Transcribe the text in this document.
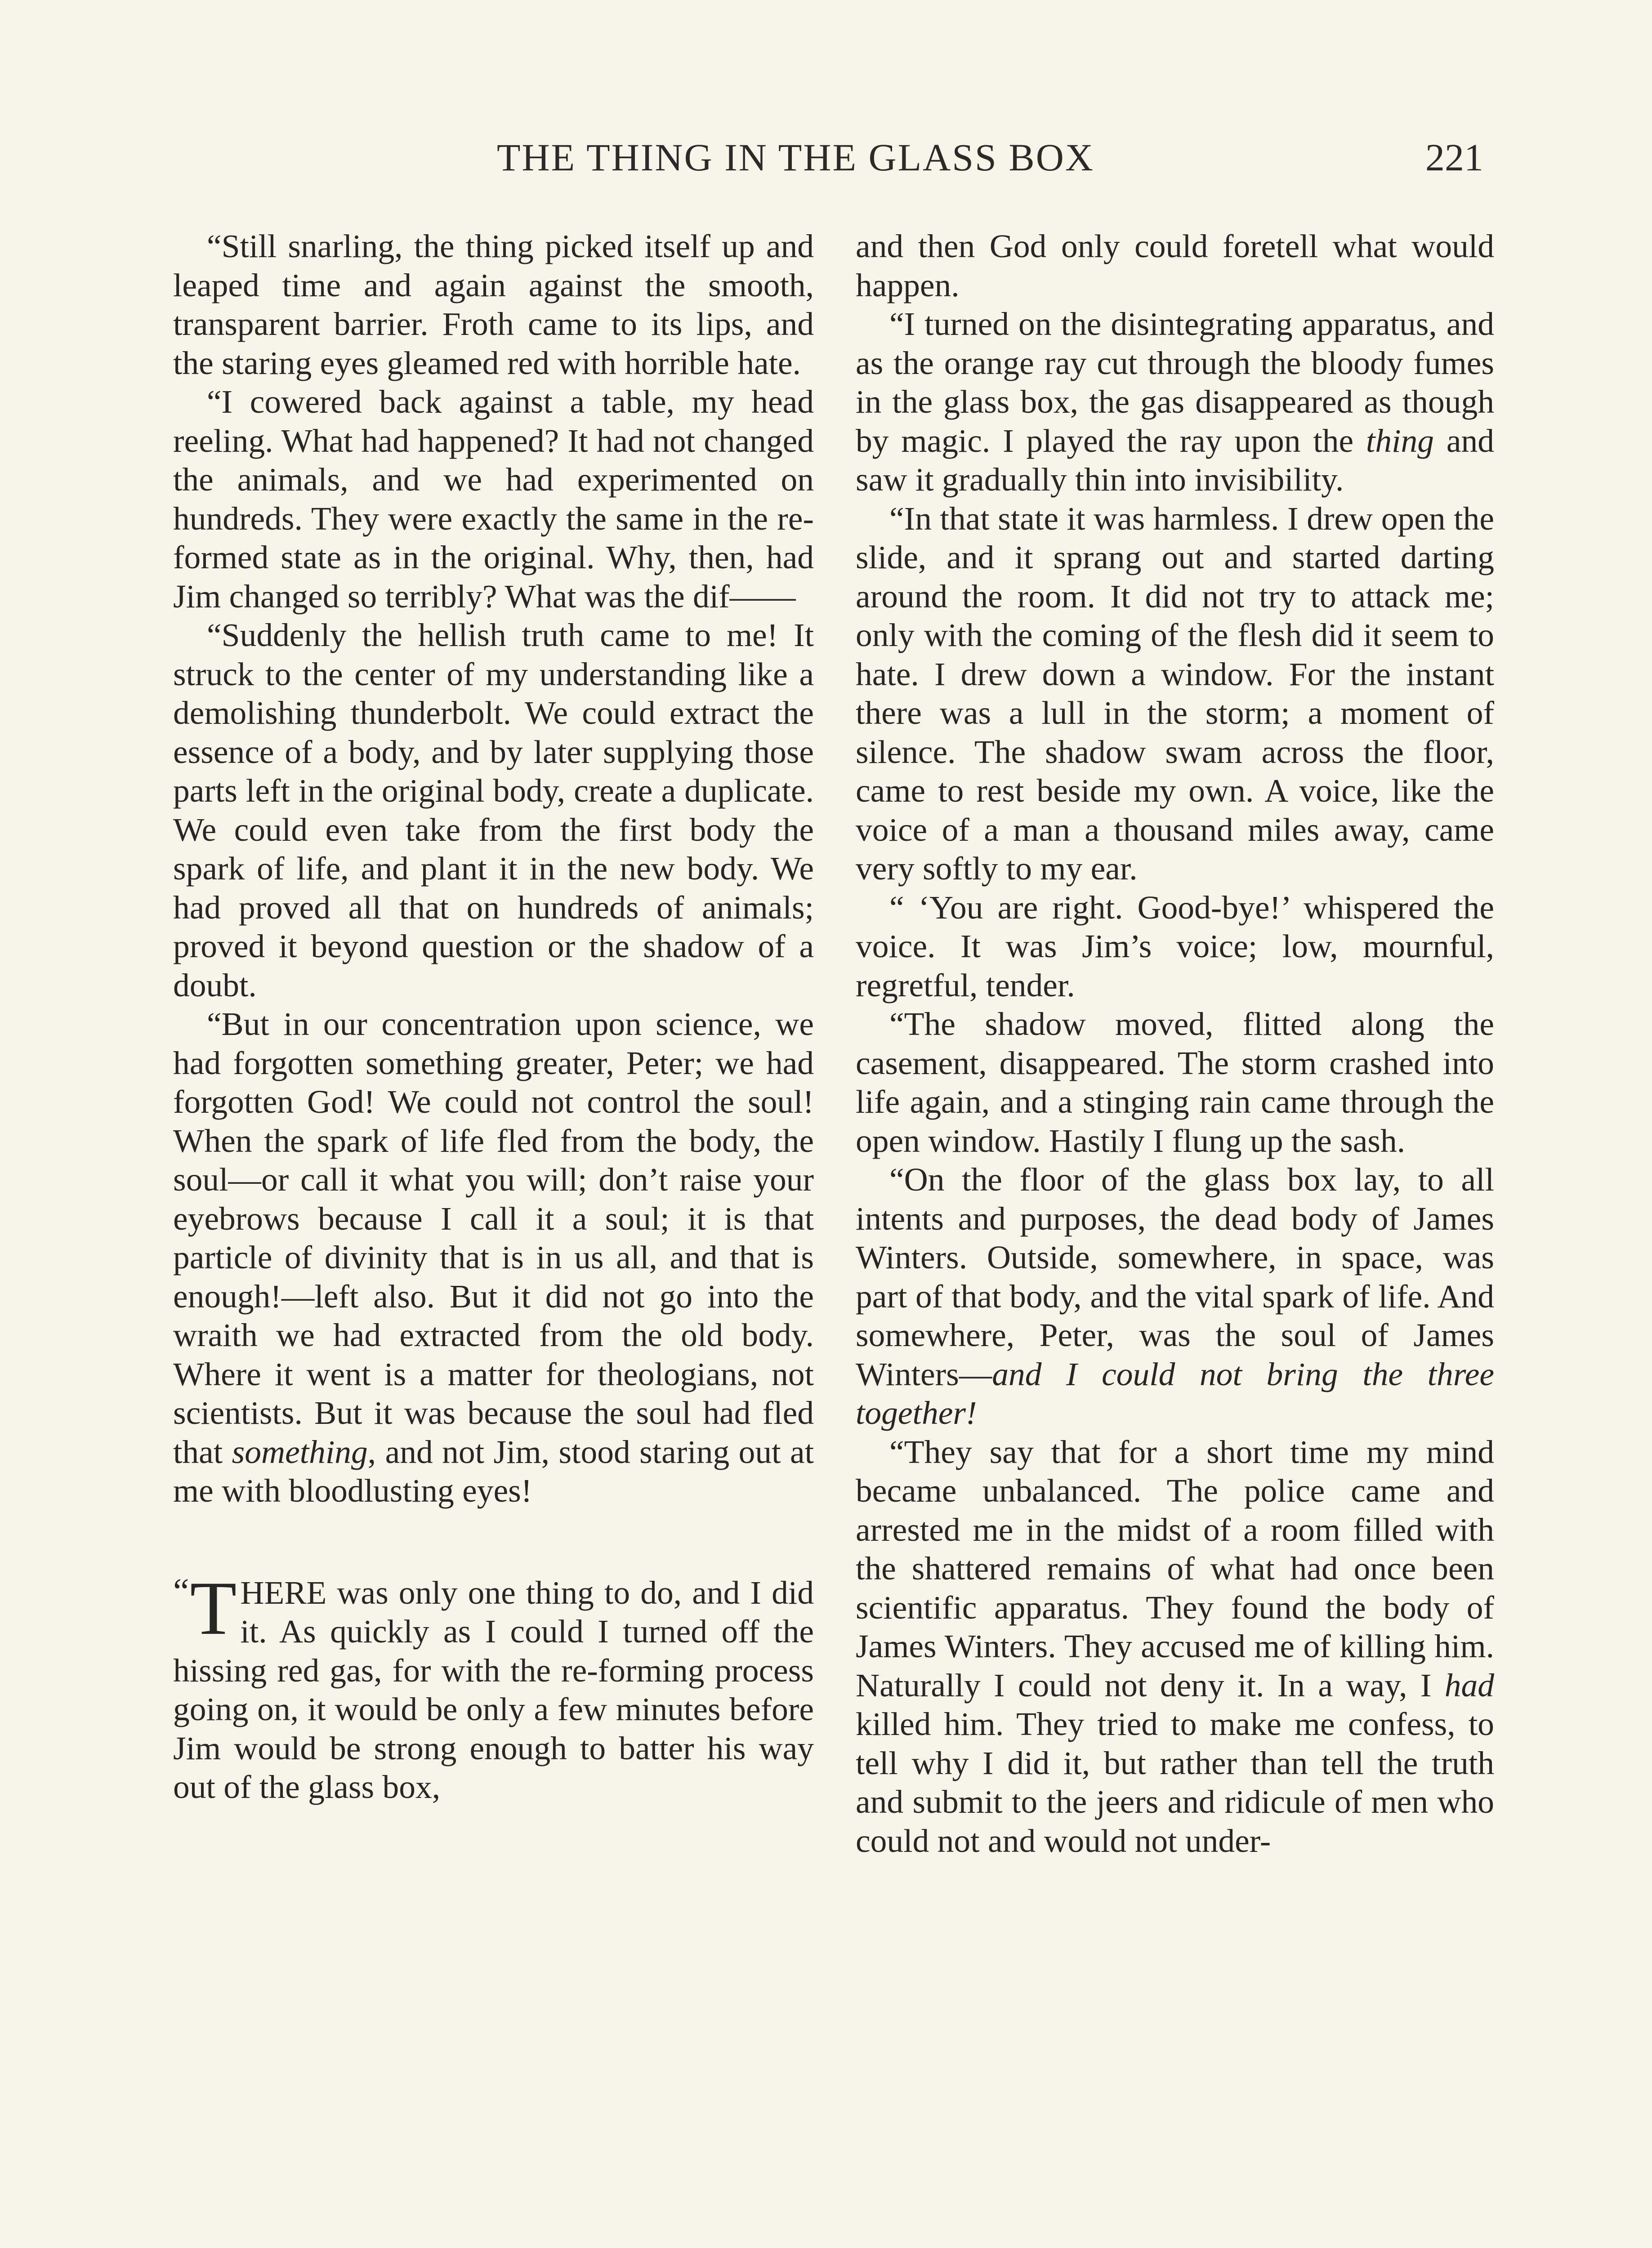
THE THING IN THE GLASS BOX	221

“Still snarling, the thing picked itself up and leaped time and again against the smooth, transparent barrier. Froth came to its lips, and the staring eyes gleamed red with horrible hate.

“I cowered back against a table, my head reeling. What had happened? It had not changed the animals, and we had experimented on hundreds. They were exactly the same in the re-formed state as in the original. Why, then, had Jim changed so terribly? What was the dif——

“Suddenly the hellish truth came to me! It struck to the center of my understanding like a demolishing thunderbolt. We could extract the essence of a body, and by later supplying those parts left in the original body, create a duplicate. We could even take from the first body the spark of life, and plant it in the new body. We had proved all that on hundreds of animals; proved it beyond question or the shadow of a doubt.

“But in our concentration upon science, we had forgotten something greater, Peter; we had forgotten God! We could not control the soul! When the spark of life fled from the body, the soul—or call it what you will; don’t raise your eyebrows because I call it a soul; it is that particle of divinity that is in us all, and that is enough!—left also. But it did not go into the wraith we had extracted from the old body. Where it went is a matter for theologians, not scientists. But it was because the soul had fled that something, and not Jim, stood staring out at me with bloodlusting eyes!

“ T HERE was only one thing to do, and I did it. As quickly as I could I turned off the hissing red gas, for with the re-forming process going on, it would be only a few minutes before Jim would be strong enough to batter his way out of the glass box,

and then God only could foretell what would happen.

“I turned on the disintegrating apparatus, and as the orange ray cut through the bloody fumes in the glass box, the gas disappeared as though by magic. I played the ray upon the thing and saw it gradually thin into invisibility.

“In that state it was harmless. I drew open the slide, and it sprang out and started darting around the room. It did not try to attack me; only with the coming of the flesh did it seem to hate. I drew down a window. For the instant there was a lull in the storm; a moment of silence. The shadow swam across the floor, came to rest beside my own. A voice, like the voice of a man a thousand miles away, came very softly to my ear.

“ ‘You are right. Good-bye!’ whispered the voice. It was Jim’s voice; low, mournful, regretful, tender.

“The shadow moved, flitted along the casement, disappeared. The storm crashed into life again, and a stinging rain came through the open window. Hastily I flung up the sash.

“On the floor of the glass box lay, to all intents and purposes, the dead body of James Winters. Outside, somewhere, in space, was part of that body, and the vital spark of life. And somewhere, Peter, was the soul of James Winters—and I could not bring the three together!

“They say that for a short time my mind became unbalanced. The police came and arrested me in the midst of a room filled with the shattered remains of what had once been scientific apparatus. They found the body of James Winters. They accused me of killing him. Naturally I could not deny it. In a way, I had killed him. They tried to make me confess, to tell why I did it, but rather than tell the truth and submit to the jeers and ridicule of men who could not and would not under-
